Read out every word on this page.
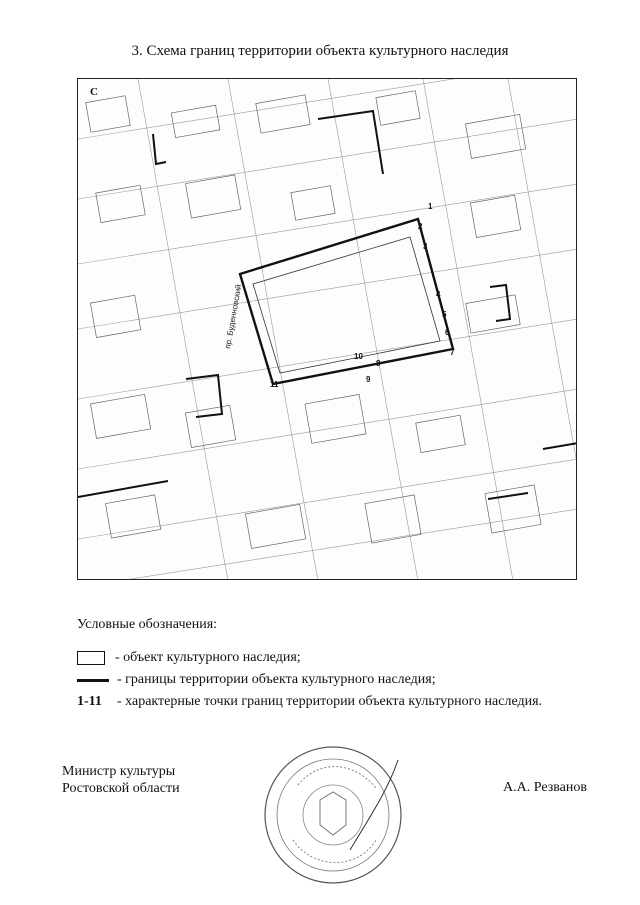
3. Схема границ территории объекта культурного наследия
пр. Буденновский
С
1
2
3
4
5
6
7
8
9
10
11
Условные обозначения:
- объект культурного наследия;
- границы территории объекта культурного наследия;
1-11	- характерные точки границ территории объекта культурного наследия.
Министр культуры
Ростовской области	А.А. Резванов
